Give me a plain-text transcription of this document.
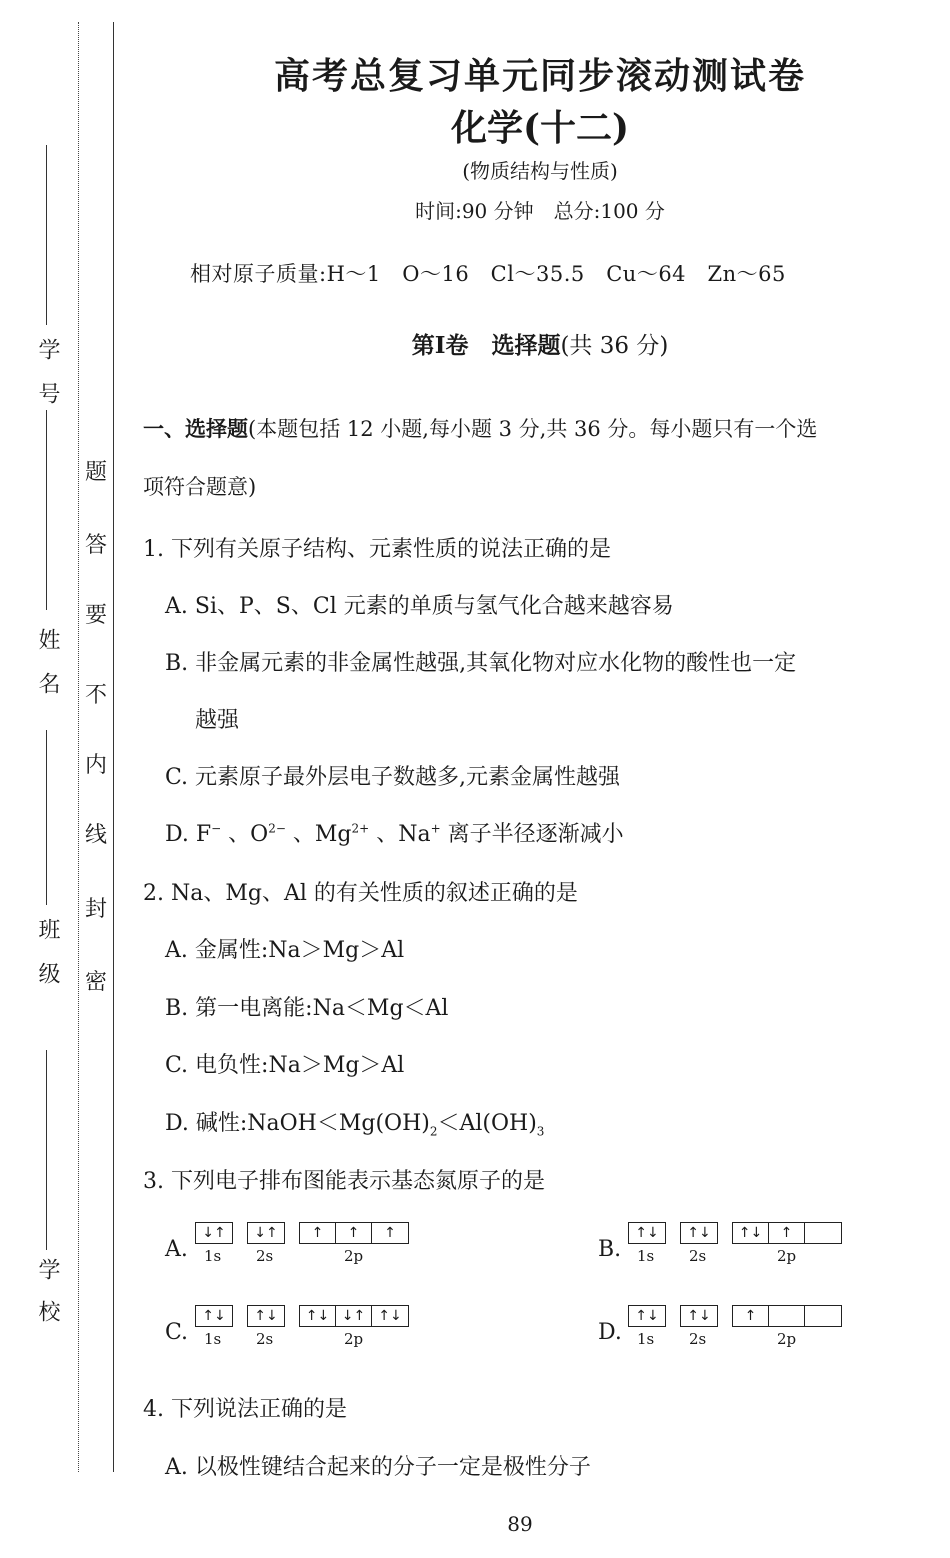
学号
姓名
班级
学校
题
答
要
不
内
线
封
密
高考总复习单元同步滚动测试卷
化学(十二)
(物质结构与性质)
时间:90 分钟　总分:100 分
相对原子质量:H～1　O～16　Cl～35.5　Cu～64　Zn～65
第Ⅰ卷　选择题(共 36 分)
一、选择题(本题包括 12 小题,每小题 3 分,共 36 分。每小题只有一个选
项符合题意)
1. 下列有关原子结构、元素性质的说法正确的是
A. Si、P、S、Cl 元素的单质与氢气化合越来越容易
B. 非金属元素的非金属性越强,其氧化物对应水化物的酸性也一定
越强
C. 元素原子最外层电子数越多,元素金属性越强
D. F− 、$O^{2-}$ 、$Mg^{2+}$ 、Na+ 离子半径逐渐减小
2. Na、Mg、Al 的有关性质的叙述正确的是
A. 金属性:Na＞Mg＞Al
B. 第一电离能:Na＜Mg＜Al
C. 电负性:Na＞Mg＞Al
D. 碱性$:NaOH<Mg(OH)_2<Al(OH)_3$
3. 下列电子排布图能表示基态氮原子的是
A.
↓↑
1s
↓↑
2s
↑	↑	↑
2p	B.
↑↓
1s
↑↓
2s
↑↓	↑
2p
C.
↑↓
1s
↑↓
2s
↑↓ ↓↑ ↑↓
2p	D.
↑↓
1s
↑↓
2s
↑
2p
4. 下列说法正确的是
A. 以极性键结合起来的分子一定是极性分子
89
